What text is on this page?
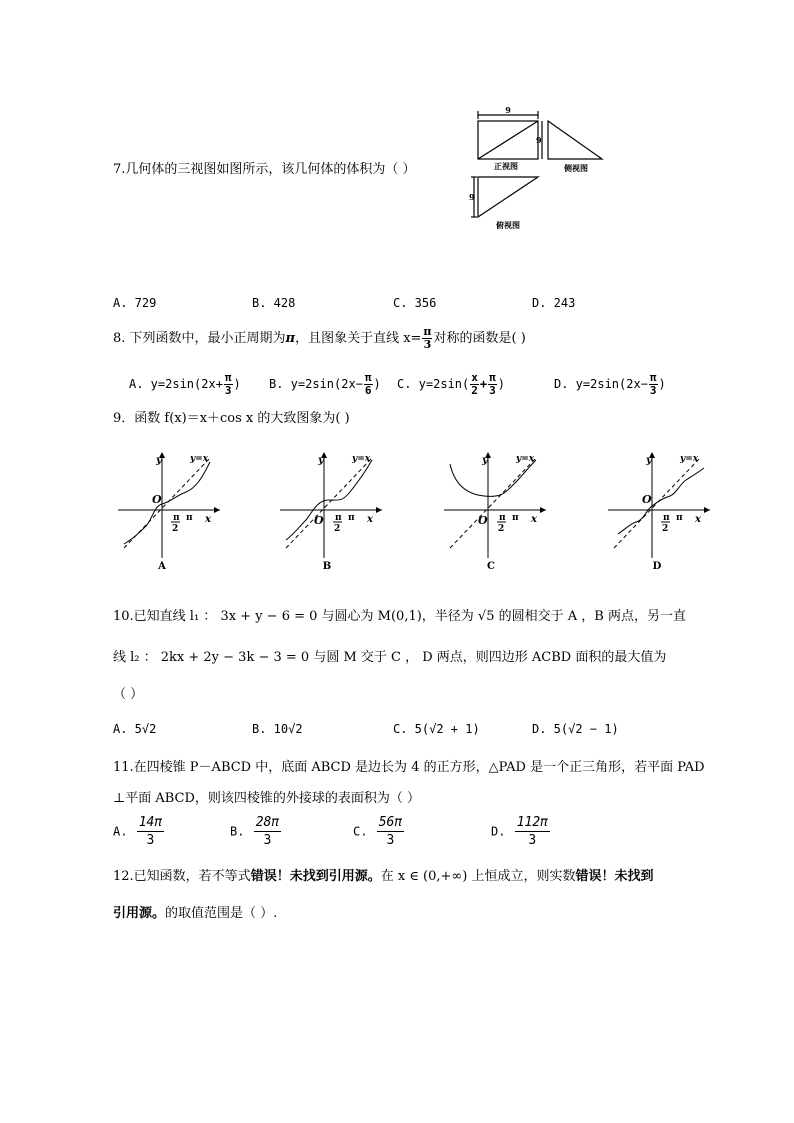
7.几何体的三视图如图所示，该几何体的体积为（ ）
9
9
正视图	侧视图
9
俯视图
A. 729	B. 428	C. 356	D. 243
8. 下列函数中，最小正周期为π，且图象关于直线 $x= \frac{\pi}{3}$ 对称的函数是( )
A. $y=2\sin(2x+ \frac{\pi}{3}$ ) B. $y=2\sin(2x- \frac{\pi}{6}$ ) C. $y=2\sin( \frac{x}{2} + \frac{\pi}{3}$ )	D. $y=2\sin(2x- \frac{\pi}{3}$ )
9．函数 f(x)＝x＋cos x 的大致图象为( )
y
x
O
y=x
π
2
π
A
y
x
O
y=x
π
2
π
B
y
x
O
y=x
π
2
π
C
y
x
O
y=x
π
2
π
D
10.已知直线 l₁ ： 3x + y − 6 = 0 与圆心为 M(0,1)，半径为 √5 的圆相交于 A ，B 两点，另一直
线 l₂ ： 2kx + 2y − 3k − 3 = 0 与圆 M 交于 C ， D 两点，则四边形 ACBD 面积的最大值为
（ ）
A. 5√2	B. 10√2	C. 5(√2 + 1)	D. 5(√2 − 1)
11.在四棱锥 P－ABCD 中，底面 ABCD 是边长为 4 的正方形，△PAD 是一个正三角形，若平面 PAD
⊥平面 ABCD，则该四棱锥的外接球的表面积为（ ）
A. $\frac{14\pi}{3}$	B. $\frac{28\pi}{3}$	C. $\frac{56\pi}{3}$	D. $\frac{112\pi}{3}$
12.已知函数，若不等式错误！未找到引用源。在 x ∈ (0,+∞) 上恒成立，则实数错误！未找到
引用源。的取值范围是（ ）.
